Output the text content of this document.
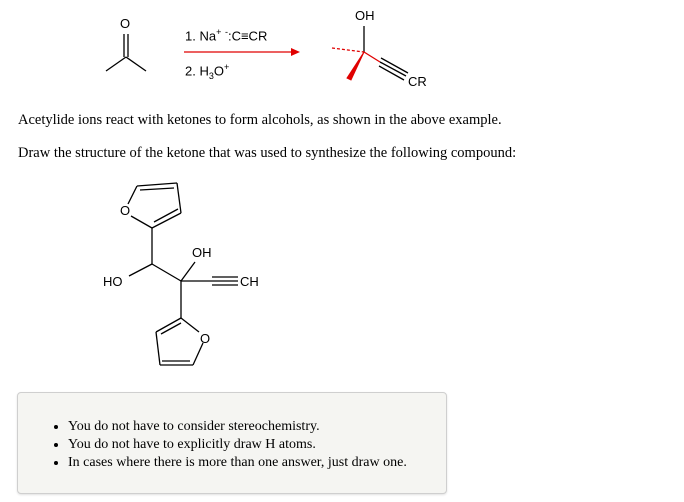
O
OH
CR
1. Na+ -:C≡CR
2. $H_3O^+$
Acetylide ions react with ketones to form alcohols, as shown in the above example.
Draw the structure of the ketone that was used to synthesize the following compound:
O
HO
OH
CH
O
• You do not have to consider stereochemistry.
• You do not have to explicitly draw H atoms.
• In cases where there is more than one answer, just draw one.
